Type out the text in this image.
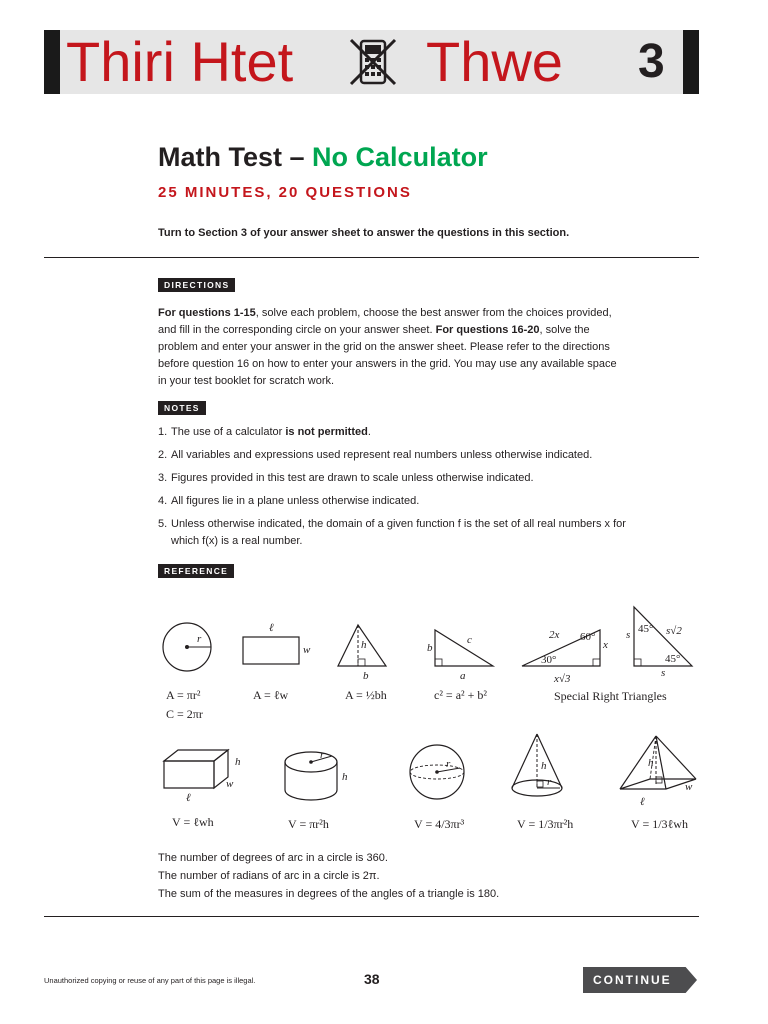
Thiri Htet Thwe 3
Math Test – No Calculator
25 MINUTES, 20 QUESTIONS
Turn to Section 3 of your answer sheet to answer the questions in this section.
DIRECTIONS
For questions 1-15, solve each problem, choose the best answer from the choices provided, and fill in the corresponding circle on your answer sheet. For questions 16-20, solve the problem and enter your answer in the grid on the answer sheet. Please refer to the directions before question 16 on how to enter your answers in the grid. You may use any available space in your test booklet for scratch work.
NOTES
1. The use of a calculator is not permitted.
2. All variables and expressions used represent real numbers unless otherwise indicated.
3. Figures provided in this test are drawn to scale unless otherwise indicated.
4. All figures lie in a plane unless otherwise indicated.
5. Unless otherwise indicated, the domain of a given function f is the set of all real numbers x for which f(x) is a real number.
REFERENCE
r
ℓ
w	h
b
b
c
a
2x 60°
x
30°
x√3
s 45° s√2
45°
s
h
w
ℓ
r
h
r	h
r
h
w
ℓ
A = πr²
C = 2πr
A = ℓw	A = ½bh	c² = a² + b²	Special Right Triangles
V = ℓwh	V = πr²h	V = 4/3πr³	V = 1/3πr²h	V = 1/3ℓwh
The number of degrees of arc in a circle is 360.
The number of radians of arc in a circle is 2π.
The sum of the measures in degrees of the angles of a triangle is 180.
Unauthorized copying or reuse of any part of this page is illegal.	38	CONTINUE
